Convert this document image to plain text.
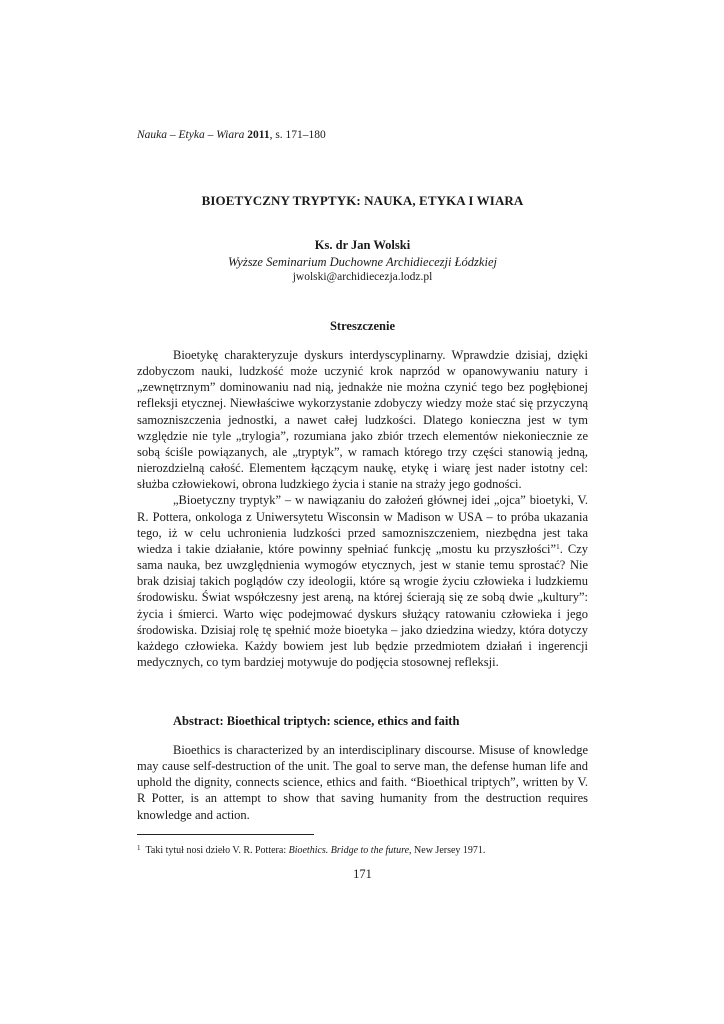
Nauka – Etyka – Wiara 2011, s. 171–180
BIOETYCZNY TRYPTYK: NAUKA, ETYKA I WIARA
Ks. dr Jan Wolski
Wyższe Seminarium Duchowne Archidiecezji Łódzkiej
jwolski@archidiecezja.lodz.pl
Streszczenie

Bioetykę charakteryzuje dyskurs interdyscyplinarny. Wprawdzie dzisiaj, dzięki zdobyczom nauki, ludzkość może uczynić krok naprzód w opanowywaniu natury i „zewnętrznym” dominowaniu nad nią, jednakże nie można czynić tego bez pogłębionej refleksji etycznej. Niewłaściwe wykorzystanie zdobyczy wiedzy może stać się przyczyną samozniszczenia jednostki, a nawet całej ludzkości. Dlatego konieczna jest w tym względzie nie tyle „trylogia”, rozumiana jako zbiór trzech elementów niekoniecznie ze sobą ściśle powiązanych, ale „tryptyk”, w ramach którego trzy części stanowią jedną, nierozdzielną całość. Elementem łączącym naukę, etykę i wiarę jest nader istotny cel: służba człowiekowi, obrona ludzkiego życia i stanie na straży jego godności.

„Bioetyczny tryptyk” – w nawiązaniu do założeń głównej idei „ojca” bioetyki, V. R. Pottera, onkologa z Uniwersytetu Wisconsin w Madison w USA – to próba ukazania tego, iż w celu uchronienia ludzkości przed samozniszczeniem, niezbędna jest taka wiedza i takie działanie, które powinny spełniać funkcję „mostu ku przyszłości”$^1$. Czy sama nauka, bez uwzględnienia wymogów etycznych, jest w stanie temu sprostać? Nie brak dzisiaj takich poglądów czy ideologii, które są wrogie życiu człowieka i ludzkiemu środowisku. Świat współczesny jest areną, na której ścierają się ze sobą dwie „kultury”: życia i śmierci. Warto więc podejmować dyskurs służący ratowaniu człowieka i jego środowiska. Dzisiaj rolę tę spełnić może bioetyka – jako dziedzina wiedzy, która dotyczy każdego człowieka. Każdy bowiem jest lub będzie przedmiotem działań i ingerencji medycznych, co tym bardziej motywuje do podjęcia stosownej refleksji.

Abstract: Bioethical triptych: science, ethics and faith

Bioethics is characterized by an interdisciplinary discourse. Misuse of knowledge may cause self-destruction of the unit. The goal to serve man, the defense human life and uphold the dignity, connects science, ethics and faith. “Bioethical triptych”, written by V. R Potter, is an attempt to show that saving humanity from the destruction requires knowledge and action.

$^1$ Taki tytuł nosi dzieło V. R. Pottera: Bioethics. Bridge to the future, New Jersey 1971.
171
